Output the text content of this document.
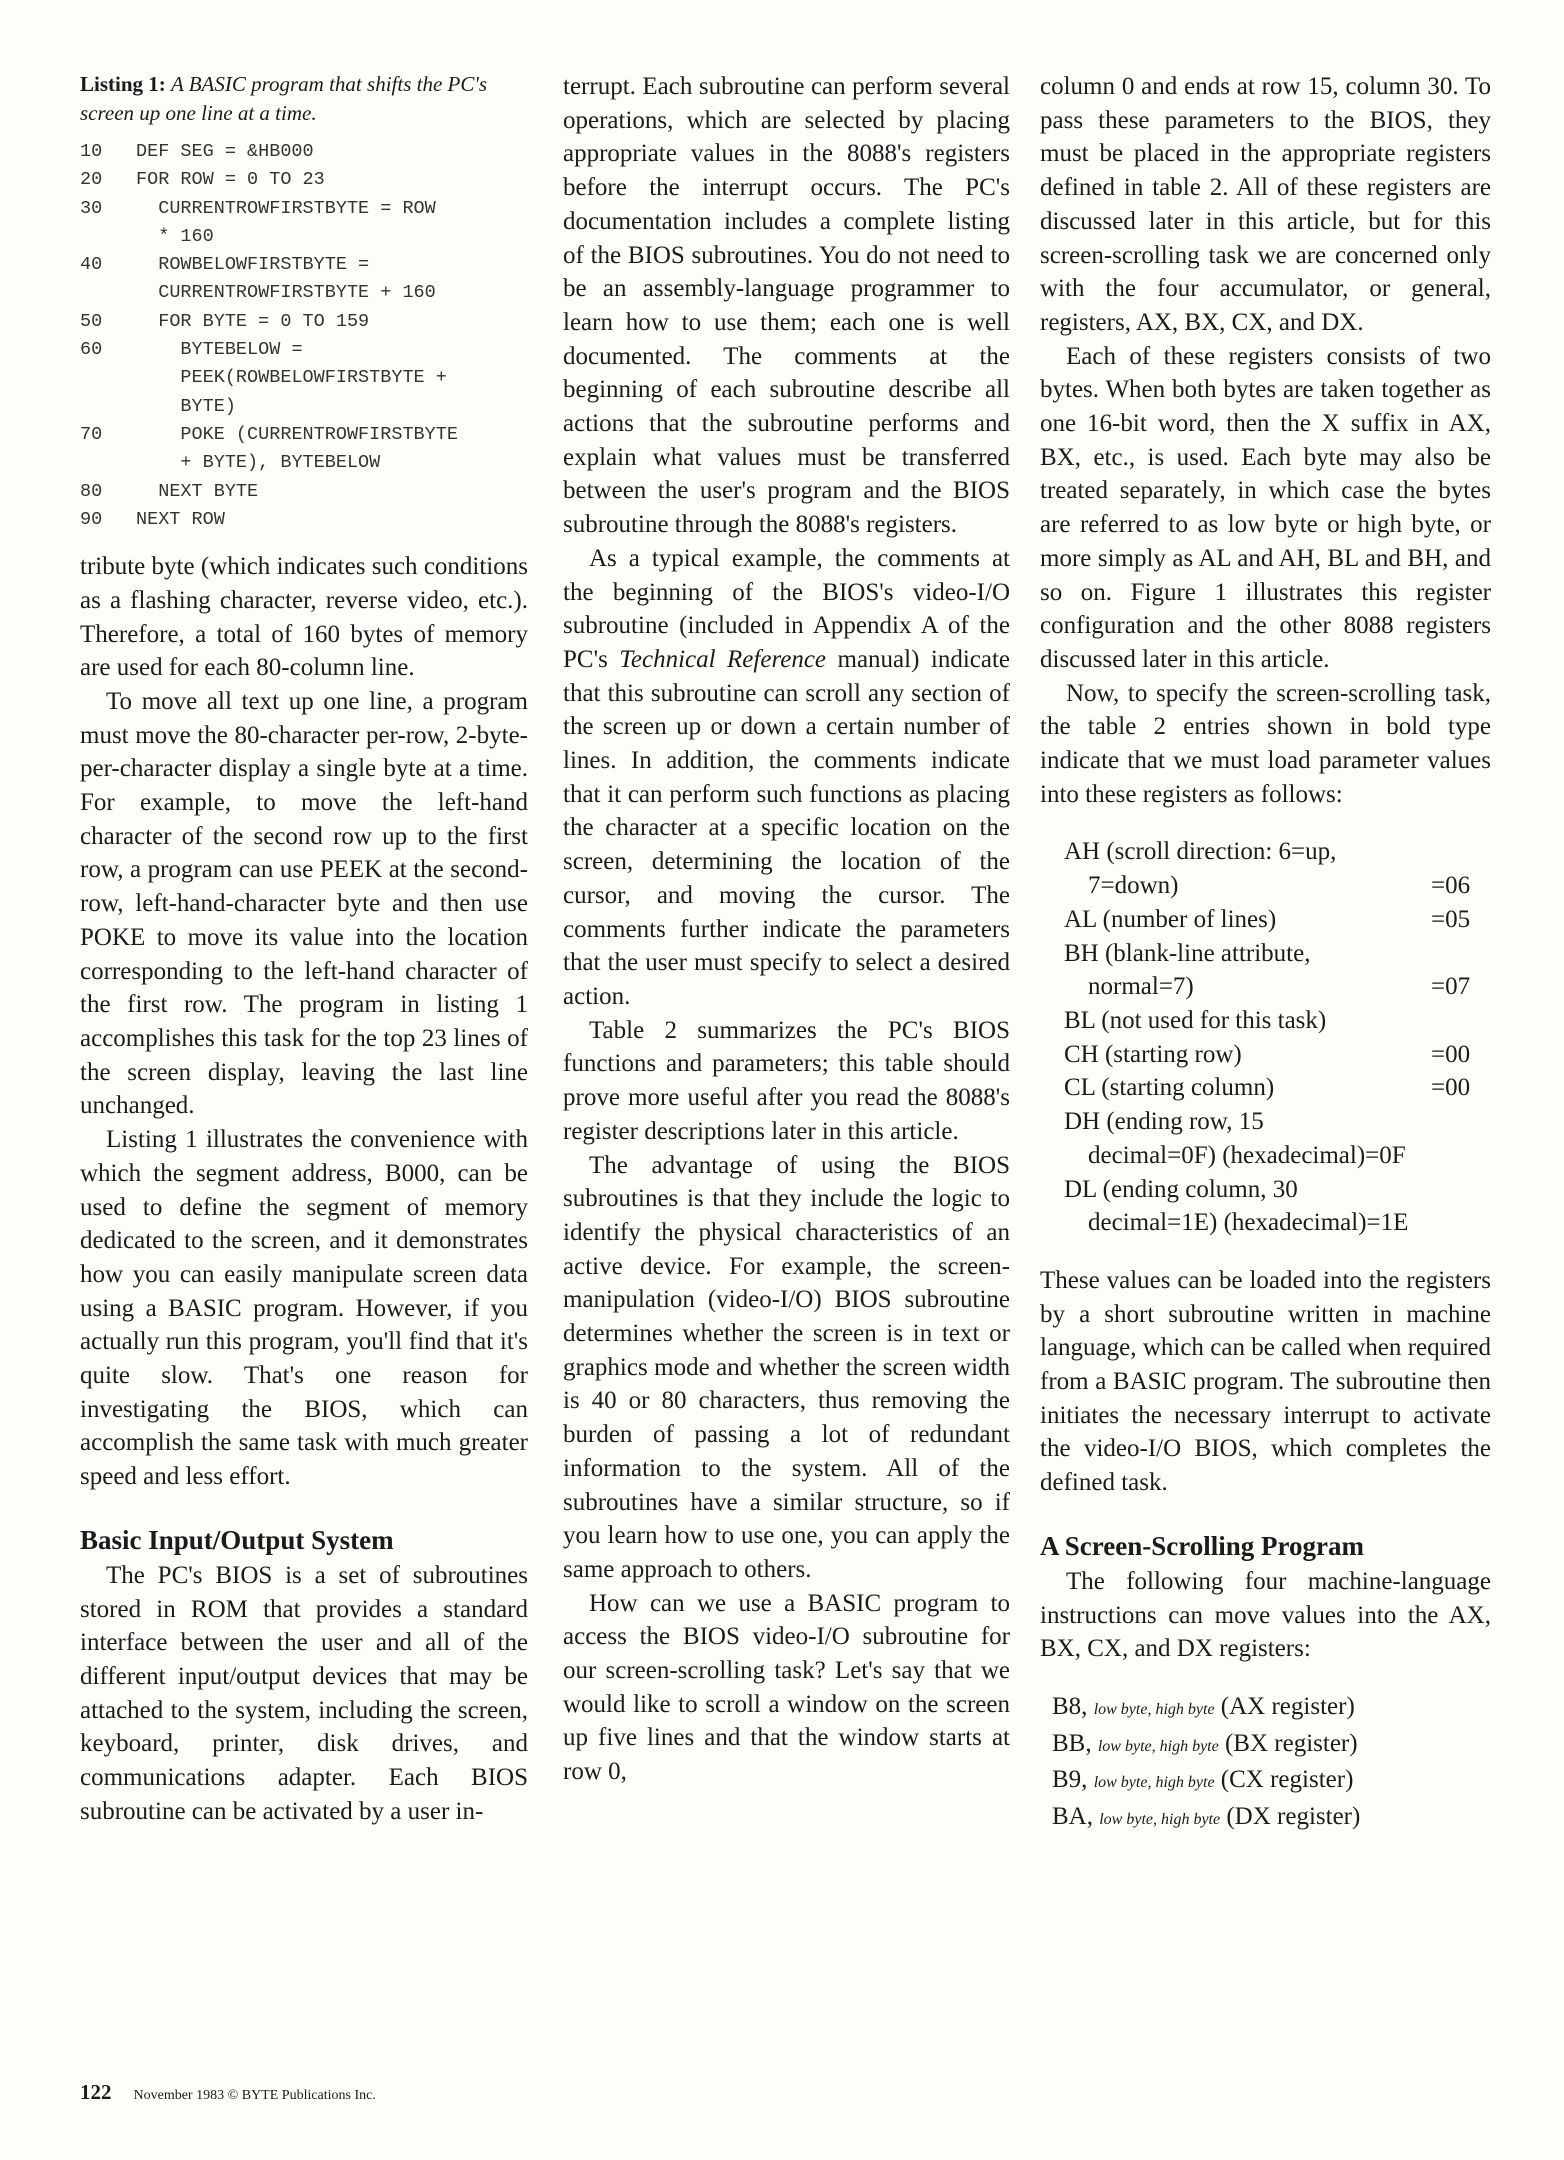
Listing 1: A BASIC program that shifts the PC's screen up one line at a time.
10	DEF SEG = &HB000
20	FOR ROW = 0 TO 23
30	CURRENTROWFIRSTBYTE = ROW
* 160
40	ROWBELOWFIRSTBYTE =
CURRENTROWFIRSTBYTE + 160
50	FOR BYTE = 0 TO 159
60	BYTEBELOW =
PEEK(ROWBELOWFIRSTBYTE +
BYTE)
70	POKE (CURRENTROWFIRSTBYTE
+ BYTE), BYTEBELOW
80	NEXT BYTE
90	NEXT ROW

tribute byte (which indicates such conditions as a flashing character, reverse video, etc.). Therefore, a total of 160 bytes of memory are used for each 80-column line.

To move all text up one line, a program must move the 80-character per-row, 2-byte-per-character display a single byte at a time. For example, to move the left-hand character of the second row up to the first row, a program can use PEEK at the second-row, left-hand-character byte and then use POKE to move its value into the location corresponding to the left-hand character of the first row. The program in listing 1 accomplishes this task for the top 23 lines of the screen display, leaving the last line unchanged.

Listing 1 illustrates the convenience with which the segment address, B000, can be used to define the segment of memory dedicated to the screen, and it demonstrates how you can easily manipulate screen data using a BASIC program. However, if you actually run this program, you'll find that it's quite slow. That's one reason for investigating the BIOS, which can accomplish the same task with much greater speed and less effort.

Basic Input/Output System

The PC's BIOS is a set of subroutines stored in ROM that provides a standard interface between the user and all of the different input/output devices that may be attached to the system, including the screen, keyboard, printer, disk drives, and communications adapter. Each BIOS subroutine can be activated by a user in-

terrupt. Each subroutine can perform several operations, which are selected by placing appropriate values in the 8088's registers before the interrupt occurs. The PC's documentation includes a complete listing of the BIOS subroutines. You do not need to be an assembly-language programmer to learn how to use them; each one is well documented. The comments at the beginning of each subroutine describe all actions that the subroutine performs and explain what values must be transferred between the user's program and the BIOS subroutine through the 8088's registers.

As a typical example, the comments at the beginning of the BIOS's video-I/O subroutine (included in Appendix A of the PC's Technical Reference manual) indicate that this subroutine can scroll any section of the screen up or down a certain number of lines. In addition, the comments indicate that it can perform such functions as placing the character at a specific location on the screen, determining the location of the cursor, and moving the cursor. The comments further indicate the parameters that the user must specify to select a desired action.

Table 2 summarizes the PC's BIOS functions and parameters; this table should prove more useful after you read the 8088's register descriptions later in this article.

The advantage of using the BIOS subroutines is that they include the logic to identify the physical characteristics of an active device. For example, the screen-manipulation (video-I/O) BIOS subroutine determines whether the screen is in text or graphics mode and whether the screen width is 40 or 80 characters, thus removing the burden of passing a lot of redundant information to the system. All of the subroutines have a similar structure, so if you learn how to use one, you can apply the same approach to others.

How can we use a BASIC program to access the BIOS video-I/O subroutine for our screen-scrolling task? Let's say that we would like to scroll a window on the screen up five lines and that the window starts at row 0,

column 0 and ends at row 15, column 30. To pass these parameters to the BIOS, they must be placed in the appropriate registers defined in table 2. All of these registers are discussed later in this article, but for this screen-scrolling task we are concerned only with the four accumulator, or general, registers, AX, BX, CX, and DX.

Each of these registers consists of two bytes. When both bytes are taken together as one 16-bit word, then the X suffix in AX, BX, etc., is used. Each byte may also be treated separately, in which case the bytes are referred to as low byte or high byte, or more simply as AL and AH, BL and BH, and so on. Figure 1 illustrates this register configuration and the other 8088 registers discussed later in this article.

Now, to specify the screen-scrolling task, the table 2 entries shown in bold type indicate that we must load parameter values into these registers as follows:

AH (scroll direction: 6=up,
7=down)	=06
AL (number of lines)	=05
BH (blank-line attribute,
normal=7)	=07
BL (not used for this task)
CH (starting row)	=00
CL (starting column)	=00
DH (ending row, 15
decimal=0F) (hexadecimal)=0F
DL (ending column, 30
decimal=1E) (hexadecimal)=1E

These values can be loaded into the registers by a short subroutine written in machine language, which can be called when required from a BASIC program. The subroutine then initiates the necessary interrupt to activate the video-I/O BIOS, which completes the defined task.

A Screen-Scrolling Program

The following four machine-language instructions can move values into the AX, BX, CX, and DX registers:

B8, low byte, high byte (AX register)
BB, low byte, high byte (BX register)
B9, low byte, high byte (CX register)
BA, low byte, high byte (DX register)
122 November 1983 © BYTE Publications Inc.
